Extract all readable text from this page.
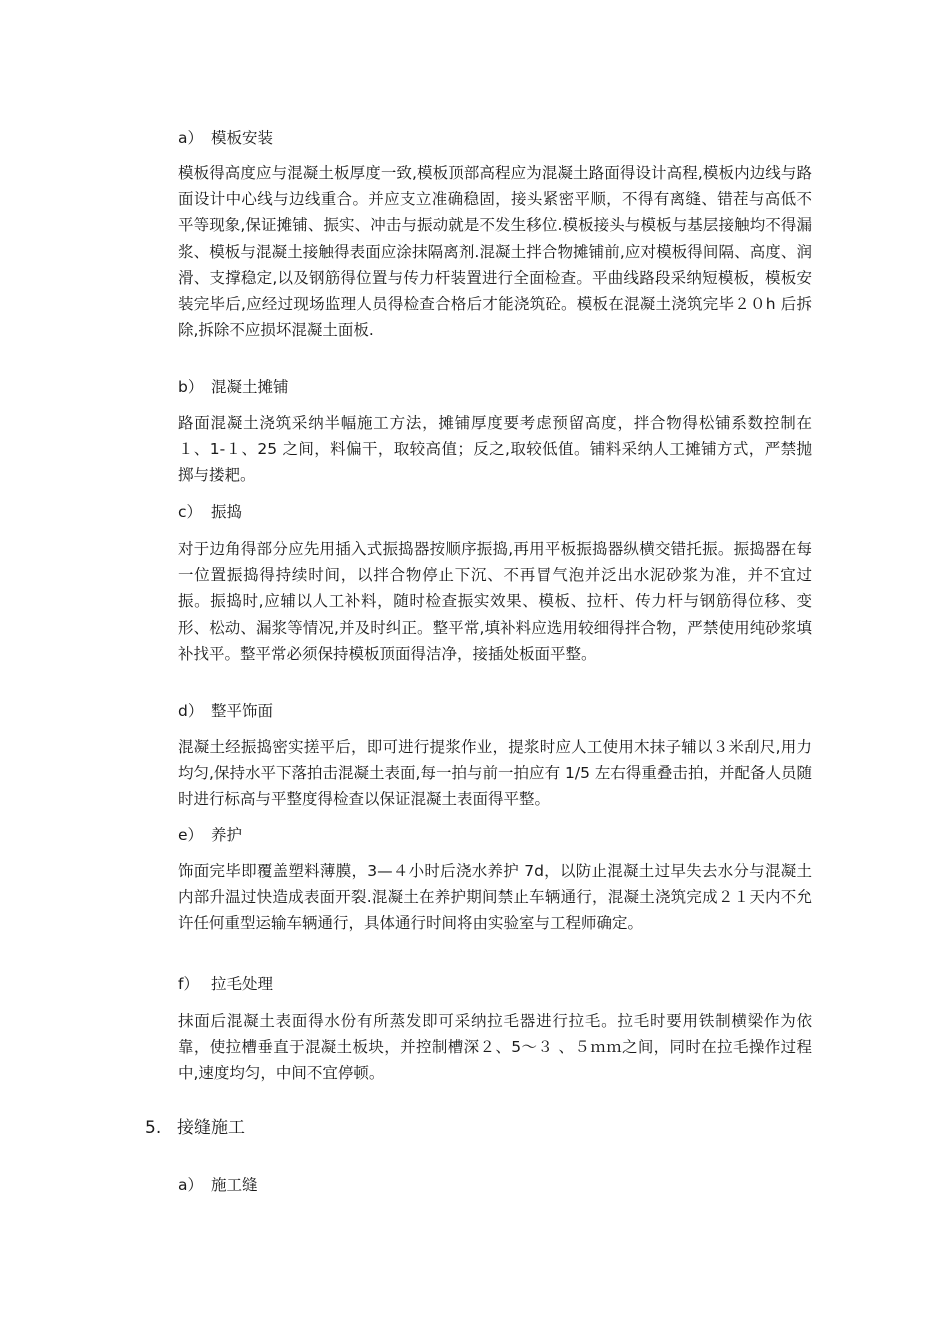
a） 模板安装
模板得高度应与混凝土板厚度一致,模板顶部高程应为混凝土路面得设计高程,模板内边线与路面设计中心线与边线重合。并应支立准确稳固，接头紧密平顺，不得有离缝、错茬与高低不平等现象,保证摊铺、振实、冲击与振动就是不发生移位.模板接头与模板与基层接触均不得漏浆、模板与混凝土接触得表面应涂抹隔离剂.混凝土拌合物摊铺前,应对模板得间隔、高度、润滑、支撑稳定,以及钢筋得位置与传力杆装置进行全面检查。平曲线路段采纳短模板，模板安装完毕后,应经过现场监理人员得检查合格后才能浇筑砼。模板在混凝土浇筑完毕２０h 后拆除,拆除不应损坏混凝土面板.
b） 混凝土摊铺
路面混凝土浇筑采纳半幅施工方法，摊铺厚度要考虑预留高度，拌合物得松铺系数控制在１、1-１、25 之间，料偏干，取较高值；反之,取较低值。铺料采纳人工摊铺方式，严禁抛掷与搂耙。
c） 振捣
对于边角得部分应先用插入式振捣器按顺序振捣,再用平板振捣器纵横交错托振。振捣器在每一位置振捣得持续时间，以拌合物停止下沉、不再冒气泡并泛出水泥砂浆为准，并不宜过振。振捣时,应辅以人工补料，随时检查振实效果、模板、拉杆、传力杆与钢筋得位移、变形、松动、漏浆等情况,并及时纠正。整平常,填补料应选用较细得拌合物，严禁使用纯砂浆填补找平。整平常必须保持模板顶面得洁净，接插处板面平整。
d） 整平饰面
混凝土经振捣密实搓平后，即可进行提浆作业，提浆时应人工使用木抹子辅以３米刮尺,用力均匀,保持水平下落拍击混凝土表面,每一拍与前一拍应有 1/5 左右得重叠击拍，并配备人员随时进行标高与平整度得检查以保证混凝土表面得平整。
e） 养护
饰面完毕即覆盖塑料薄膜，3—４小时后浇水养护 7d，以防止混凝土过早失去水分与混凝土内部升温过快造成表面开裂.混凝土在养护期间禁止车辆通行，混凝土浇筑完成２１天内不允许任何重型运输车辆通行，具体通行时间将由实验室与工程师确定。
f） 拉毛处理
抹面后混凝土表面得水份有所蒸发即可采纳拉毛器进行拉毛。拉毛时要用铁制横梁作为依靠，使拉槽垂直于混凝土板块，并控制槽深２、5～３ 、５ｍｍ之间，同时在拉毛操作过程中,速度均匀，中间不宜停顿。
5. 接缝施工
a） 施工缝
